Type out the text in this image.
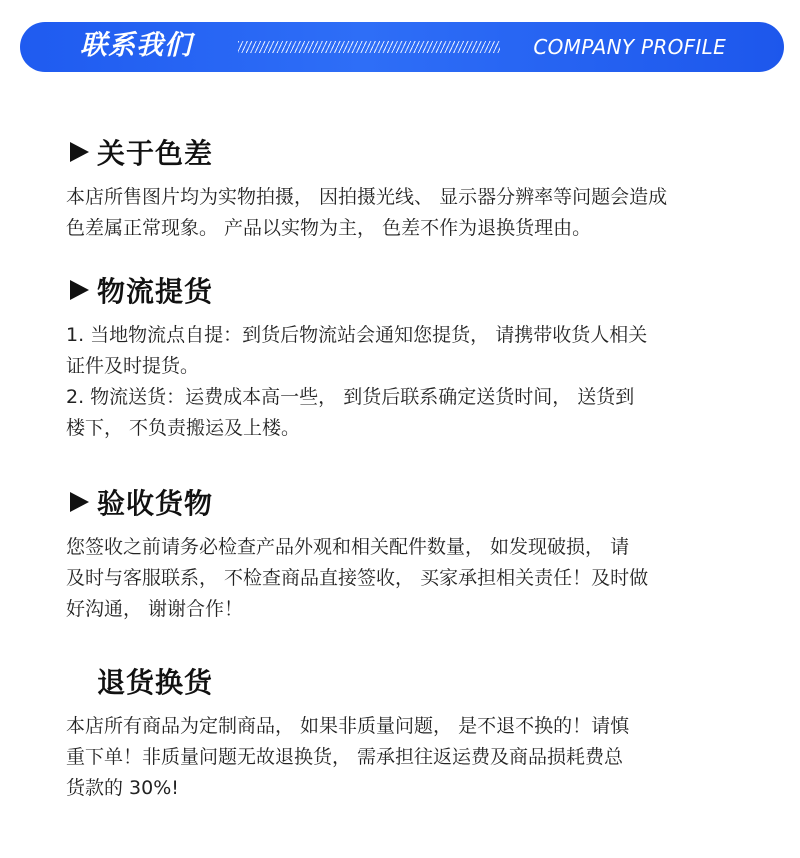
联系我们	COMPANY PROFILE
关于色差

本店所售图片均为实物拍摄， 因拍摄光线、 显示器分辨率等问题会造成

色差属正常现象。 产品以实物为主， 色差不作为退换货理由。

物流提货

1. 当地物流点自提：到货后物流站会通知您提货， 请携带收货人相关

证件及时提货。

2. 物流送货：运费成本高一些， 到货后联系确定送货时间， 送货到

楼下， 不负责搬运及上楼。

验收货物

您签收之前请务必检查产品外观和相关配件数量， 如发现破损， 请

及时与客服联系， 不检查商品直接签收， 买家承担相关责任！及时做

好沟通， 谢谢合作！

退货换货

本店所有商品为定制商品， 如果非质量问题， 是不退不换的！请慎

重下单！非质量问题无故退换货， 需承担往返运费及商品损耗费总

货款的 30%!
